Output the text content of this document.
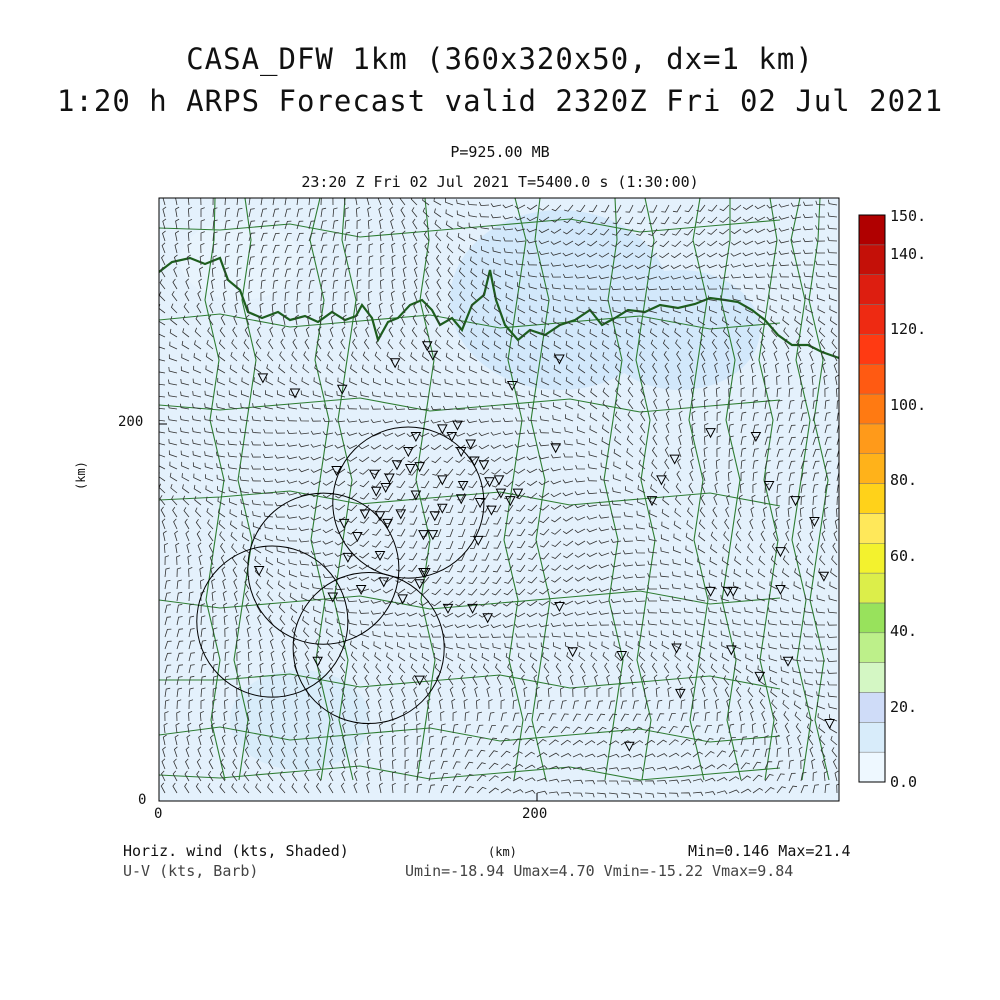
CASA_DFW 1km (360x320x50, dx=1 km)
1:20 h ARPS Forecast valid 2320Z Fri 02 Jul 2021
P=925.00 MB
23:20 Z Fri 02 Jul 2021 T=5400.0 s (1:30:00)
200
0
0	200
(km)
(km)
0.0
20.
40.
60.
80.
100.
120.
140.
150.
Horiz. wind (kts, Shaded)
U-V (kts, Barb)
Min=0.146 Max=21.4
Umin=-18.94 Umax=4.70 Vmin=-15.22 Vmax=9.84
